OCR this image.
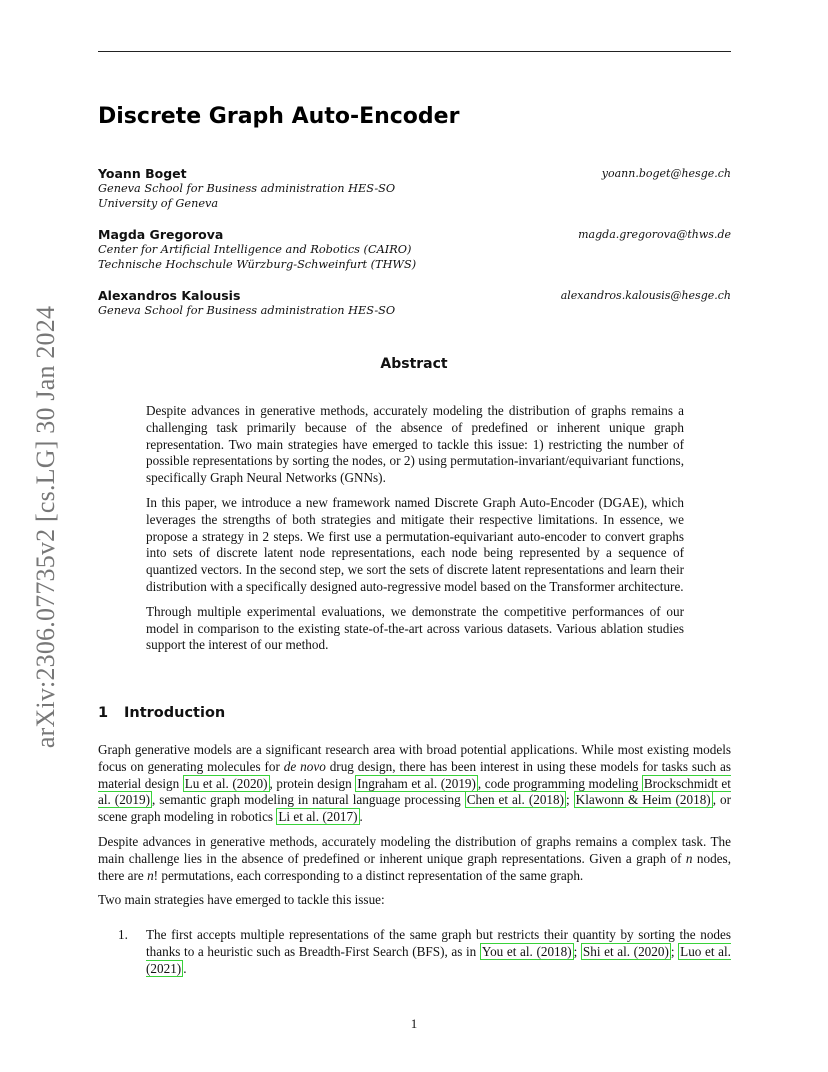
arXiv:2306.07735v2 [cs.LG] 30 Jan 2024
Discrete Graph Auto-Encoder
Yoann Boget	yoann.boget@hesge.ch
Geneva School for Business administration HES-SO
University of Geneva
Magda Gregorova	magda.gregorova@thws.de
Center for Artificial Intelligence and Robotics (CAIRO)
Technische Hochschule Würzburg-Schweinfurt (THWS)
Alexandros Kalousis	alexandros.kalousis@hesge.ch
Geneva School for Business administration HES-SO
Abstract

Despite advances in generative methods, accurately modeling the distribution of graphs remains a challenging task primarily because of the absence of predefined or inherent unique graph representation. Two main strategies have emerged to tackle this issue: 1) restricting the number of possible representations by sorting the nodes, or 2) using permutation-invariant/equivariant functions, specifically Graph Neural Networks (GNNs).

In this paper, we introduce a new framework named Discrete Graph Auto-Encoder (DGAE), which leverages the strengths of both strategies and mitigate their respective limitations. In essence, we propose a strategy in 2 steps. We first use a permutation-equivariant auto-encoder to convert graphs into sets of discrete latent node representations, each node being represented by a sequence of quantized vectors. In the second step, we sort the sets of discrete latent representations and learn their distribution with a specifically designed auto-regressive model based on the Transformer architecture.

Through multiple experimental evaluations, we demonstrate the competitive performances of our model in comparison to the existing state-of-the-art across various datasets. Various ablation studies support the interest of our method.

1 Introduction

Graph generative models are a significant research area with broad potential applications. While most existing models focus on generating molecules for de novo drug design, there has been interest in using these models for tasks such as material design Lu et al. (2020) , protein design Ingraham et al. (2019) , code programming modeling Brockschmidt et al. (2019) , semantic graph modeling in natural language processing Chen et al. (2018) ; Klawonn & Heim (2018) , or scene graph modeling in robotics Li et al. (2017) .

Despite advances in generative methods, accurately modeling the distribution of graphs remains a complex task. The main challenge lies in the absence of predefined or inherent unique graph representations. Given a graph of n nodes, there are n! permutations, each corresponding to a distinct representation of the same graph.

Two main strategies have emerged to tackle this issue:

1. The first accepts multiple representations of the same graph but restricts their quantity by sorting the nodes thanks to a heuristic such as Breadth-First Search (BFS), as in You et al. (2018) ; Shi et al. (2020) ; Luo et al. (2021) .
1
